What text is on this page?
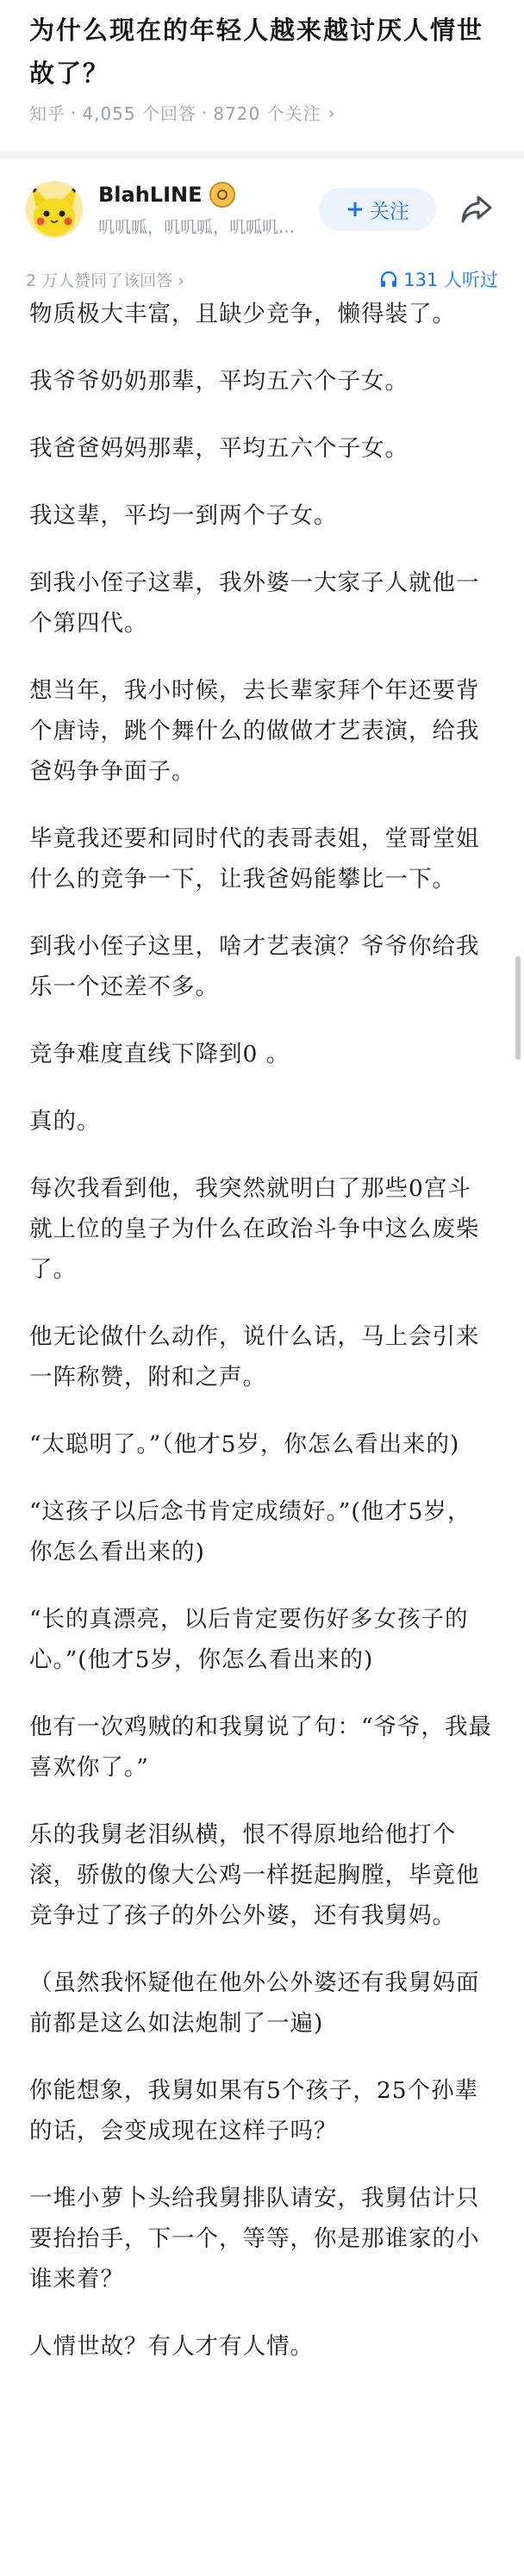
为什么现在的年轻人越来越讨厌人情世故了？
知乎 · 4,055 个回答 · 8720 个关注 ›
BlahLINE
叽叽呱，叽叽呱，叽呱叽…
+ 关注
2 万人赞同了该回答 ›	131 人听过

物质极大丰富，且缺少竞争，懒得装了。

我爷爷奶奶那辈，平均五六个子女。

我爸爸妈妈那辈，平均五六个子女。

我这辈，平均一到两个子女。

到我小侄子这辈，我外婆一大家子人就他一个第四代。

想当年，我小时候，去长辈家拜个年还要背个唐诗，跳个舞什么的做做才艺表演，给我爸妈争争面子。

毕竟我还要和同时代的表哥表姐，堂哥堂姐什么的竞争一下，让我爸妈能攀比一下。

到我小侄子这里，啥才艺表演？爷爷你给我乐一个还差不多。

竞争难度直线下降到0 。

真的。

每次我看到他，我突然就明白了那些0宫斗就上位的皇子为什么在政治斗争中这么废柴了。

他无论做什么动作，说什么话，马上会引来一阵称赞，附和之声。

“太聪明了。”（他才5岁，你怎么看出来的)

“这孩子以后念书肯定成绩好。”(他才5岁，你怎么看出来的)

“长的真漂亮，以后肯定要伤好多女孩子的心。”(他才5岁，你怎么看出来的)

他有一次鸡贼的和我舅说了句：“爷爷，我最喜欢你了。”

乐的我舅老泪纵横，恨不得原地给他打个滚，骄傲的像大公鸡一样挺起胸膛，毕竟他竞争过了孩子的外公外婆，还有我舅妈。

（虽然我怀疑他在他外公外婆还有我舅妈面前都是这么如法炮制了一遍)

你能想象，我舅如果有5个孩子，25个孙辈的话，会变成现在这样子吗？

一堆小萝卜头给我舅排队请安，我舅估计只要抬抬手，下一个，等等，你是那谁家的小谁来着？

人情世故？有人才有人情。
